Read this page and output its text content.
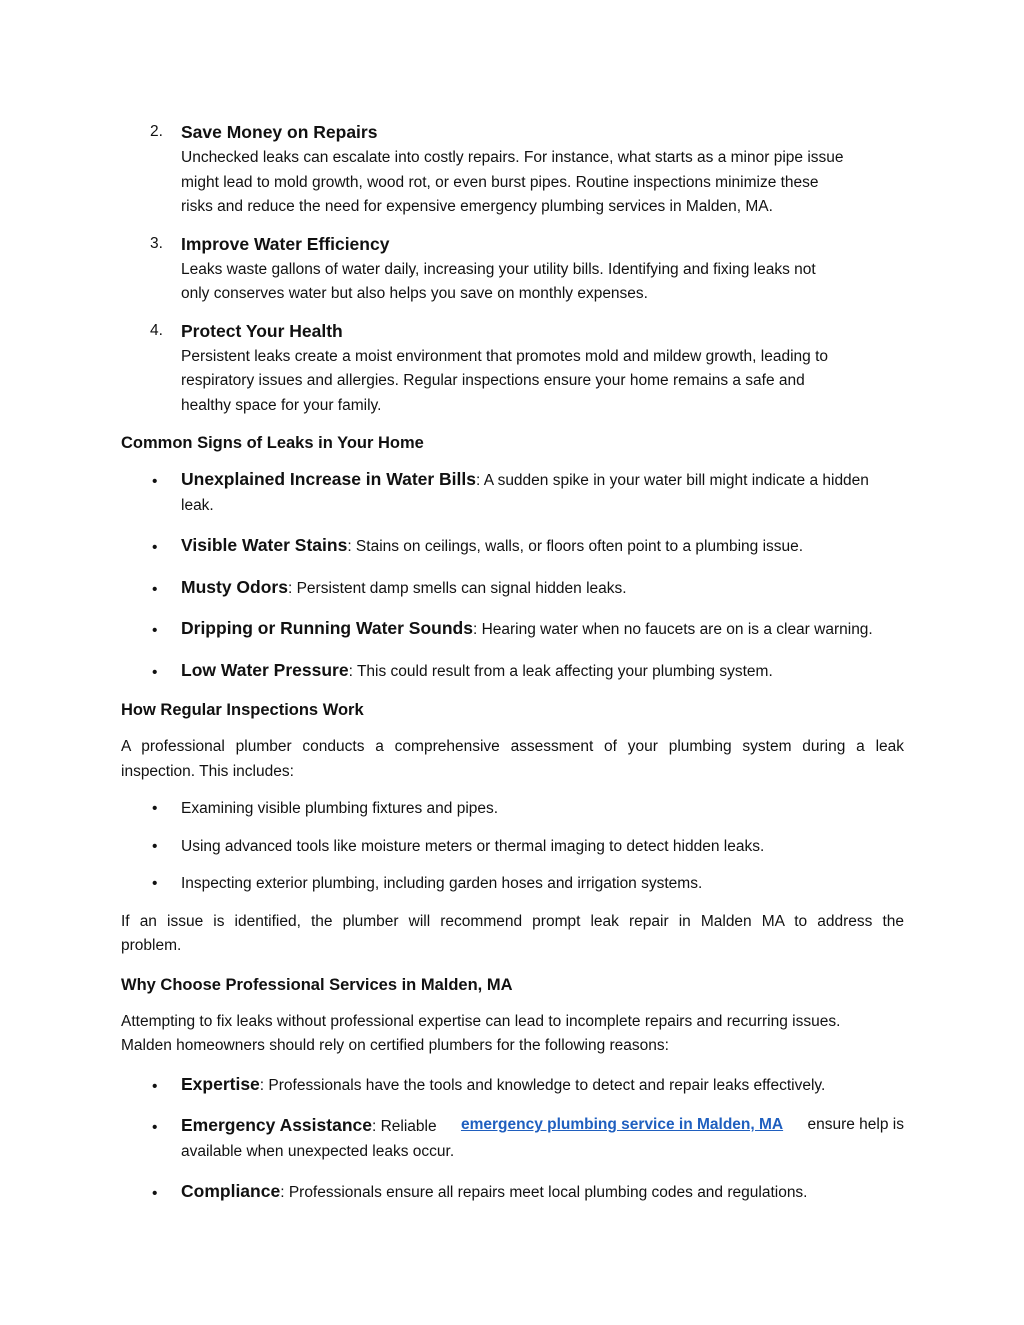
2. Save Money on Repairs

Unchecked leaks can escalate into costly repairs. For instance, what starts as a minor pipe issue

might lead to mold growth, wood rot, or even burst pipes. Routine inspections minimize these

risks and reduce the need for expensive emergency plumbing services in Malden, MA.

3. Improve Water Efficiency

Leaks waste gallons of water daily, increasing your utility bills. Identifying and fixing leaks not

only conserves water but also helps you save on monthly expenses.

4. Protect Your Health

Persistent leaks create a moist environment that promotes mold and mildew growth, leading to

respiratory issues and allergies. Regular inspections ensure your home remains a safe and

healthy space for your family.

Common Signs of Leaks in Your Home

• Unexplained Increase in Water Bills: A sudden spike in your water bill might indicate a hidden

leak.

• Visible Water Stains: Stains on ceilings, walls, or floors often point to a plumbing issue.

• Musty Odors: Persistent damp smells can signal hidden leaks.

• Dripping or Running Water Sounds: Hearing water when no faucets are on is a clear warning.

• Low Water Pressure: This could result from a leak affecting your plumbing system.

How Regular Inspections Work

A professional plumber conducts a comprehensive assessment of your plumbing system during a leak

inspection. This includes:

• Examining visible plumbing fixtures and pipes.

• Using advanced tools like moisture meters or thermal imaging to detect hidden leaks.

• Inspecting exterior plumbing, including garden hoses and irrigation systems.

If an issue is identified, the plumber will recommend prompt leak repair in Malden MA to address the

problem.

Why Choose Professional Services in Malden, MA

Attempting to fix leaks without professional expertise can lead to incomplete repairs and recurring issues.

Malden homeowners should rely on certified plumbers for the following reasons:

• Expertise: Professionals have the tools and knowledge to detect and repair leaks effectively.

• Emergency Assistance: Reliable emergency plumbing service in Malden, MA ensure help is

available when unexpected leaks occur.

• Compliance: Professionals ensure all repairs meet local plumbing codes and regulations.
